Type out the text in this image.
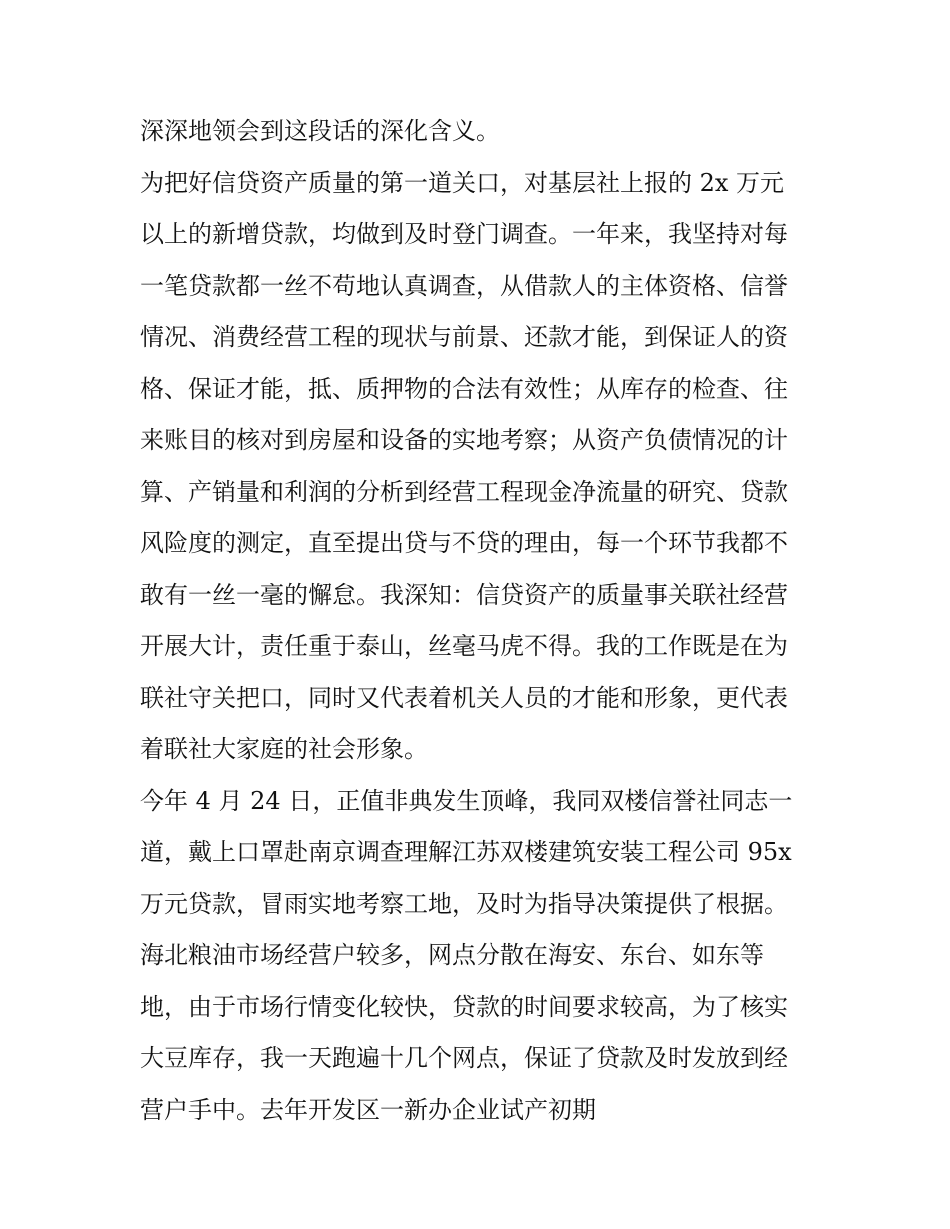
深深地领会到这段话的深化含义。
为把好信贷资产质量的第一道关口，对基层社上报的 2x 万元
以上的新增贷款，均做到及时登门调查。一年来，我坚持对每
一笔贷款都一丝不苟地认真调查，从借款人的主体资格、信誉
情况、消费经营工程的现状与前景、还款才能，到保证人的资
格、保证才能，抵、质押物的合法有效性；从库存的检查、往
来账目的核对到房屋和设备的实地考察；从资产负债情况的计
算、产销量和利润的分析到经营工程现金净流量的研究、贷款
风险度的测定，直至提出贷与不贷的理由，每一个环节我都不
敢有一丝一毫的懈怠。我深知：信贷资产的质量事关联社经营
开展大计，责任重于泰山，丝毫马虎不得。我的工作既是在为
联社守关把口，同时又代表着机关人员的才能和形象，更代表
着联社大家庭的社会形象。
今年 4 月 24 日，正值非典发生顶峰，我同双楼信誉社同志一
道，戴上口罩赴南京调查理解江苏双楼建筑安装工程公司 95x
万元贷款，冒雨实地考察工地，及时为指导决策提供了根据。
海北粮油市场经营户较多，网点分散在海安、东台、如东等
地，由于市场行情变化较快，贷款的时间要求较高，为了核实
大豆库存，我一天跑遍十几个网点，保证了贷款及时发放到经
营户手中。去年开发区一新办企业试产初期
